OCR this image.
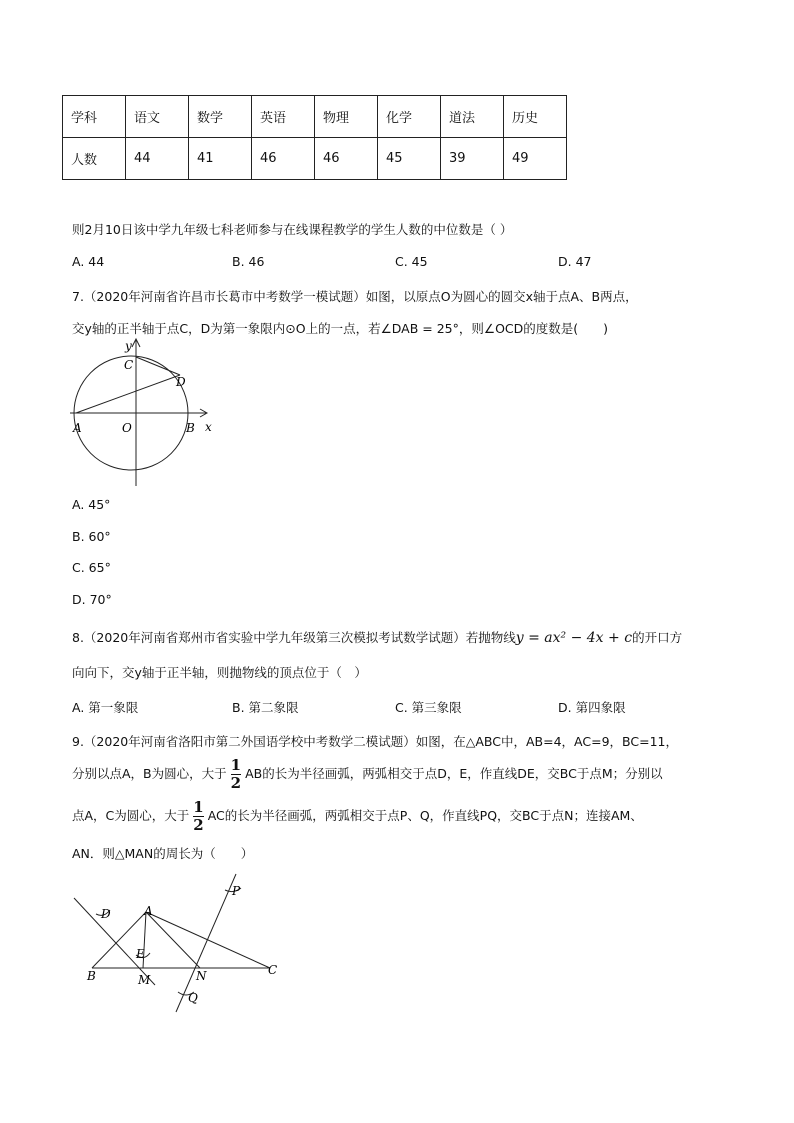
学科	语文	数学	英语	物理	化学	道法	历史
人数	44	41	46	46	45	39	49
则2月10日该中学九年级七科老师参与在线课程教学的学生人数的中位数是（ ）
A. 44	B. 46	C. 45	D. 47
7.（2020年河南省许昌市长葛市中考数学一模试题）如图，以原点O为圆心的圆交x轴于点A、B两点，
交y轴的正半轴于点C，D为第一象限内⊙O上的一点，若∠DAB = 25°，则∠OCD的度数是(　　)
A	O	B
C
D
x
y
D	A
E
B	M	N	C
P
Q
A. 45°
B. 60°
C. 65°
D. 70°
8.（2020年河南省郑州市省实验中学九年级第三次模拟考试数学试题）若抛物线y = ax² − 4x + c的开口方
向向下，交y轴于正半轴，则抛物线的顶点位于（　）
A. 第一象限	B. 第二象限	C. 第三象限	D. 第四象限
9.（2020年河南省洛阳市第二外国语学校中考数学二模试题）如图，在△ABC中，AB=4，AC=9，BC=11，
分别以点A，B为圆心，大于 $\frac{1}{2}$ AB的长为半径画弧，两弧相交于点D，E，作直线DE，交BC于点M；分别以
点A，C为圆心，大于 $\frac{1}{2}$ AC的长为半径画弧，两弧相交于点P、Q，作直线PQ，交BC于点N；连接AM、
AN．则△MAN的周长为（　　）
